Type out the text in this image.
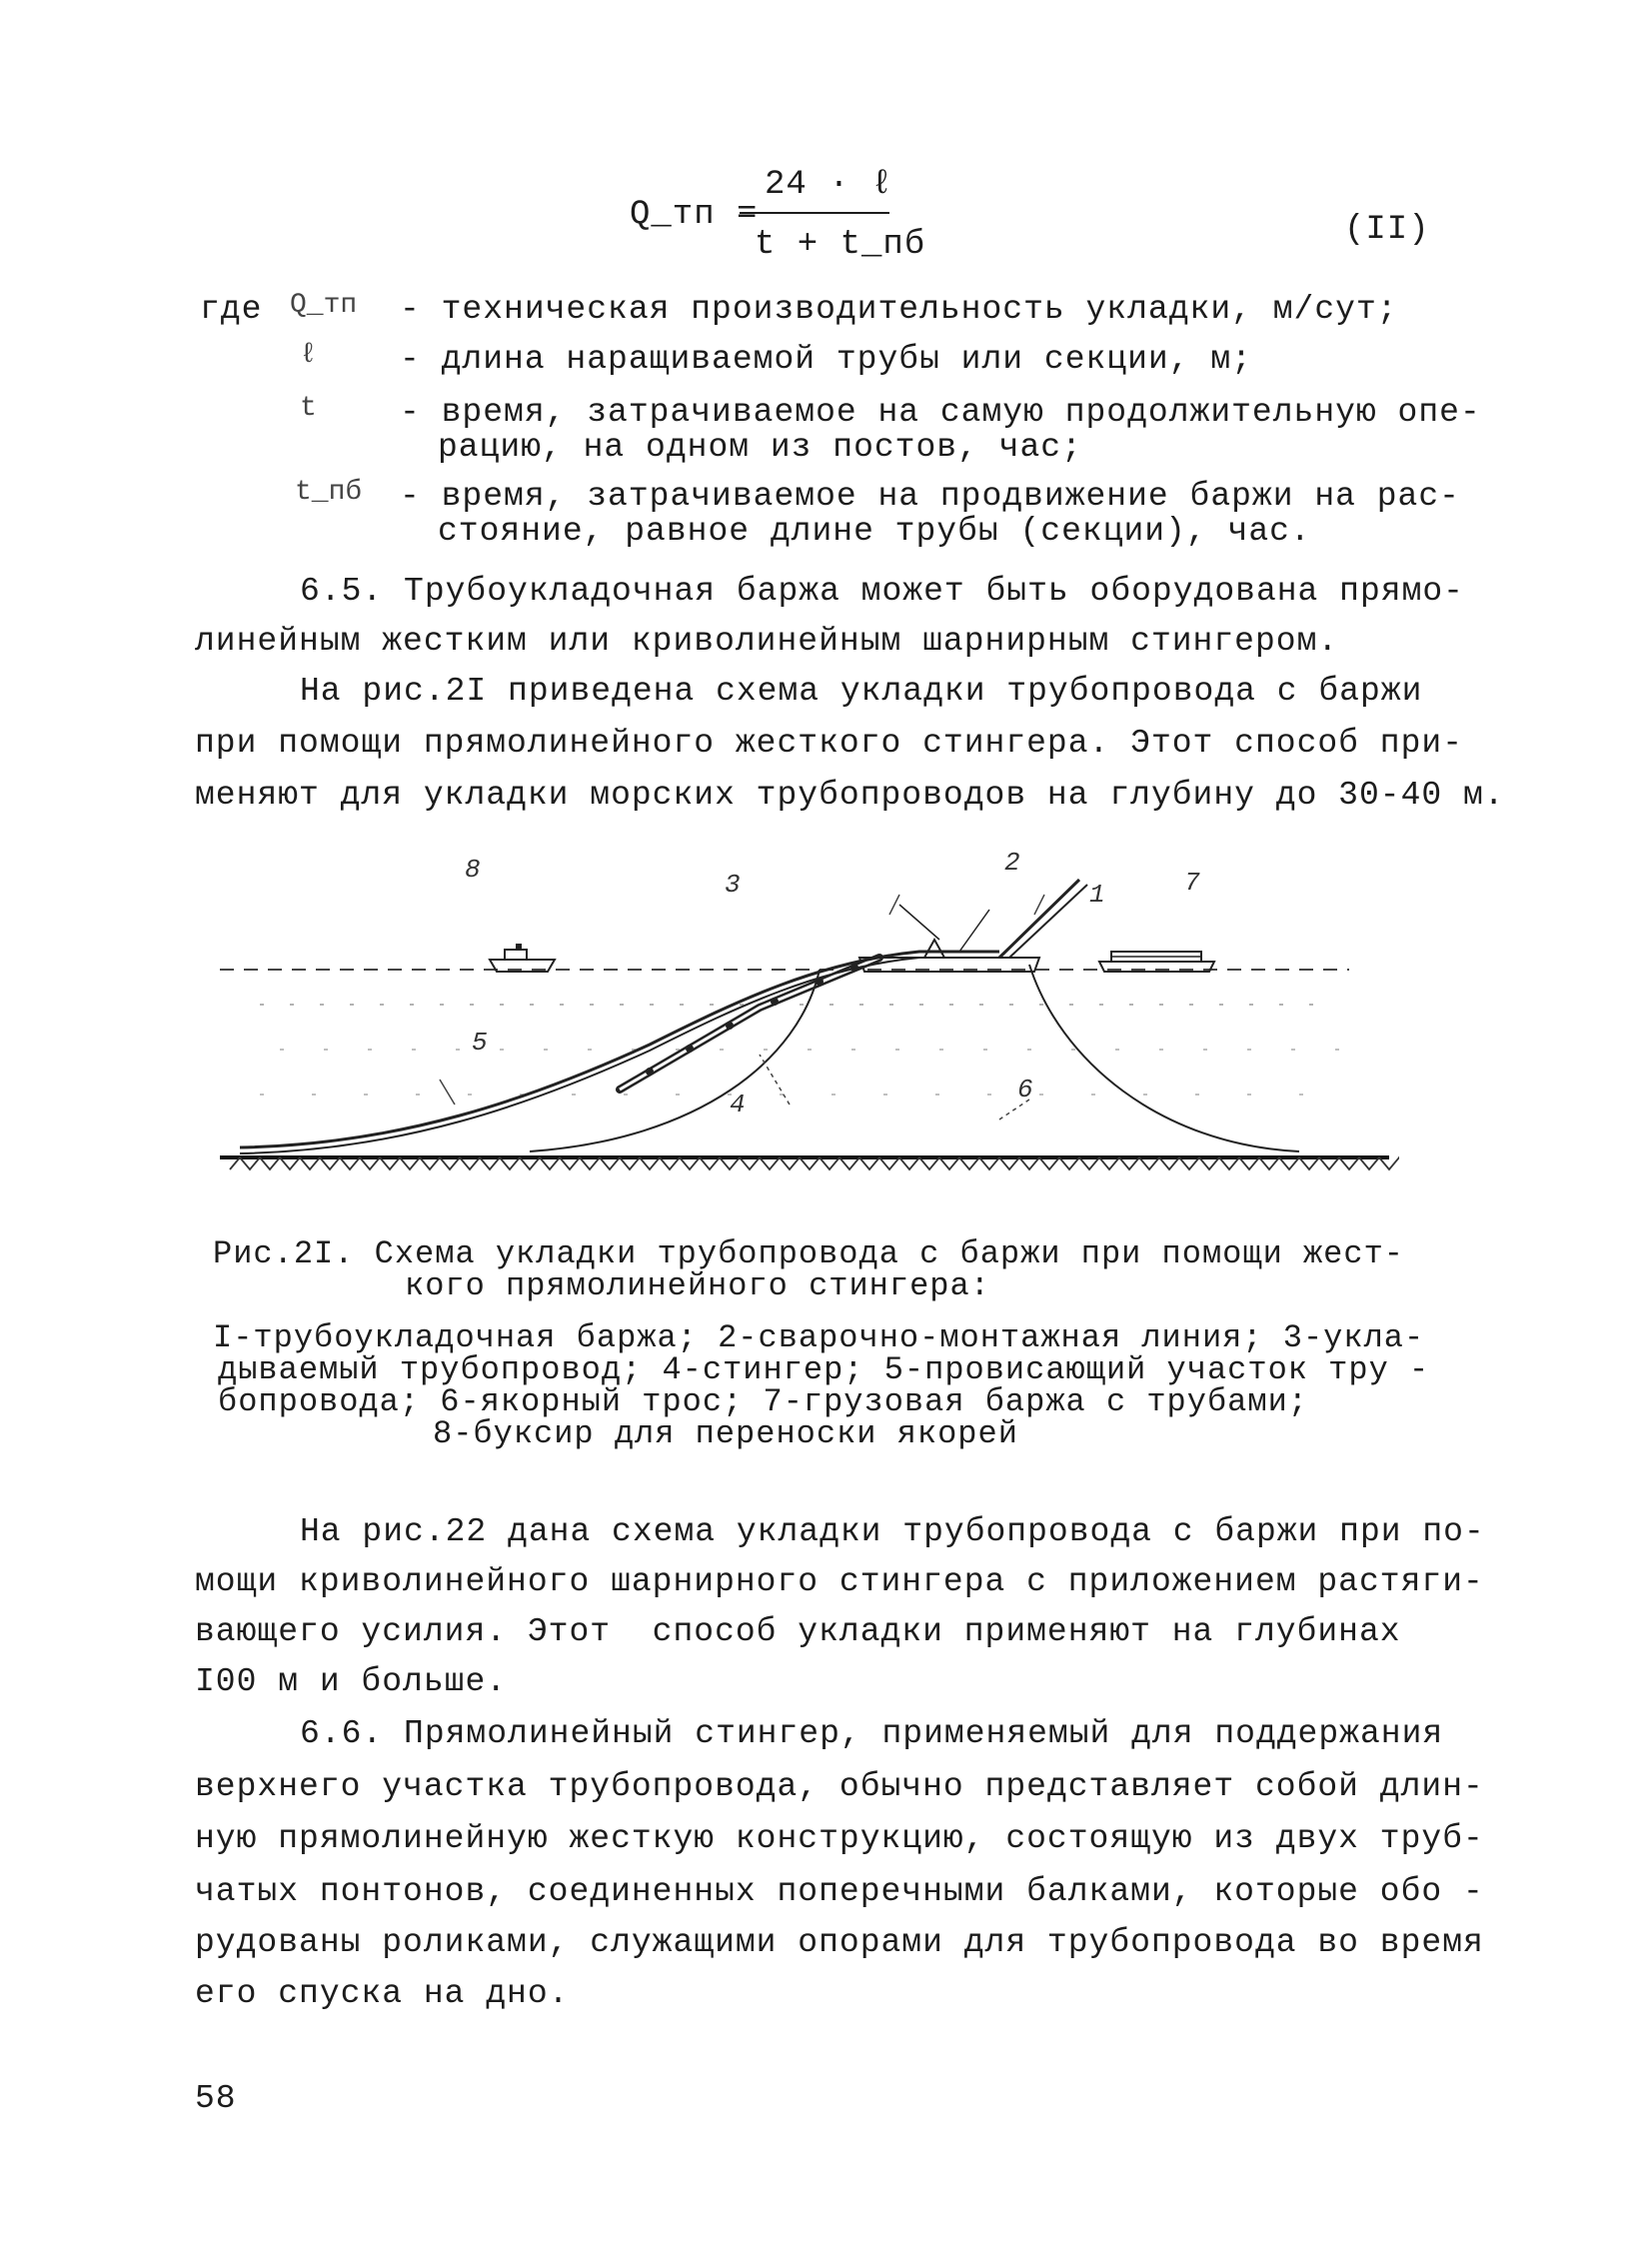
Q_тп =
24 · ℓ
t + t_пб	(II)
где Q_тп - техническая производительность укладки, м/сут;
ℓ	- длина наращиваемой трубы или секции, м;
t	- время, затрачиваемое на самую продолжительную опе-
рацию, на одном из постов, час;
t_пб - время, затрачиваемое на продвижение баржи на рас-
стояние, равное длине трубы (секции), час.
6.5. Трубоукладочная баржа может быть оборудована прямо-
линейным жестким или криволинейным шарнирным стингером.
На рис.2I приведена схема укладки трубопровода с баржи
при помощи прямолинейного жесткого стингера. Этот способ при-
меняют для укладки морских трубопроводов на глубину до 30-40 м.
8	3
2
1	7
5
4	6
Рис.2I. Схема укладки трубопровода с баржи при помощи жест-
кого прямолинейного стингера:
I-трубоукладочная баржа; 2-сварочно-монтажная линия; 3-укла-
дываемый трубопровод; 4-стингер; 5-провисающий участок тру -
бопровода; 6-якорный трос; 7-грузовая баржа с трубами;
8-буксир для переноски якорей
На рис.22 дана схема укладки трубопровода с баржи при по-
мощи криволинейного шарнирного стингера с приложением растяги-
вающего усилия. Этот  способ укладки применяют на глубинах
I00 м и больше.
6.6. Прямолинейный стингер, применяемый для поддержания
верхнего участка трубопровода, обычно представляет собой длин-
ную прямолинейную жесткую конструкцию, состоящую из двух труб-
чатых понтонов, соединенных поперечными балками, которые обо -
рудованы роликами, служащими опорами для трубопровода во время
его спуска на дно.
58
